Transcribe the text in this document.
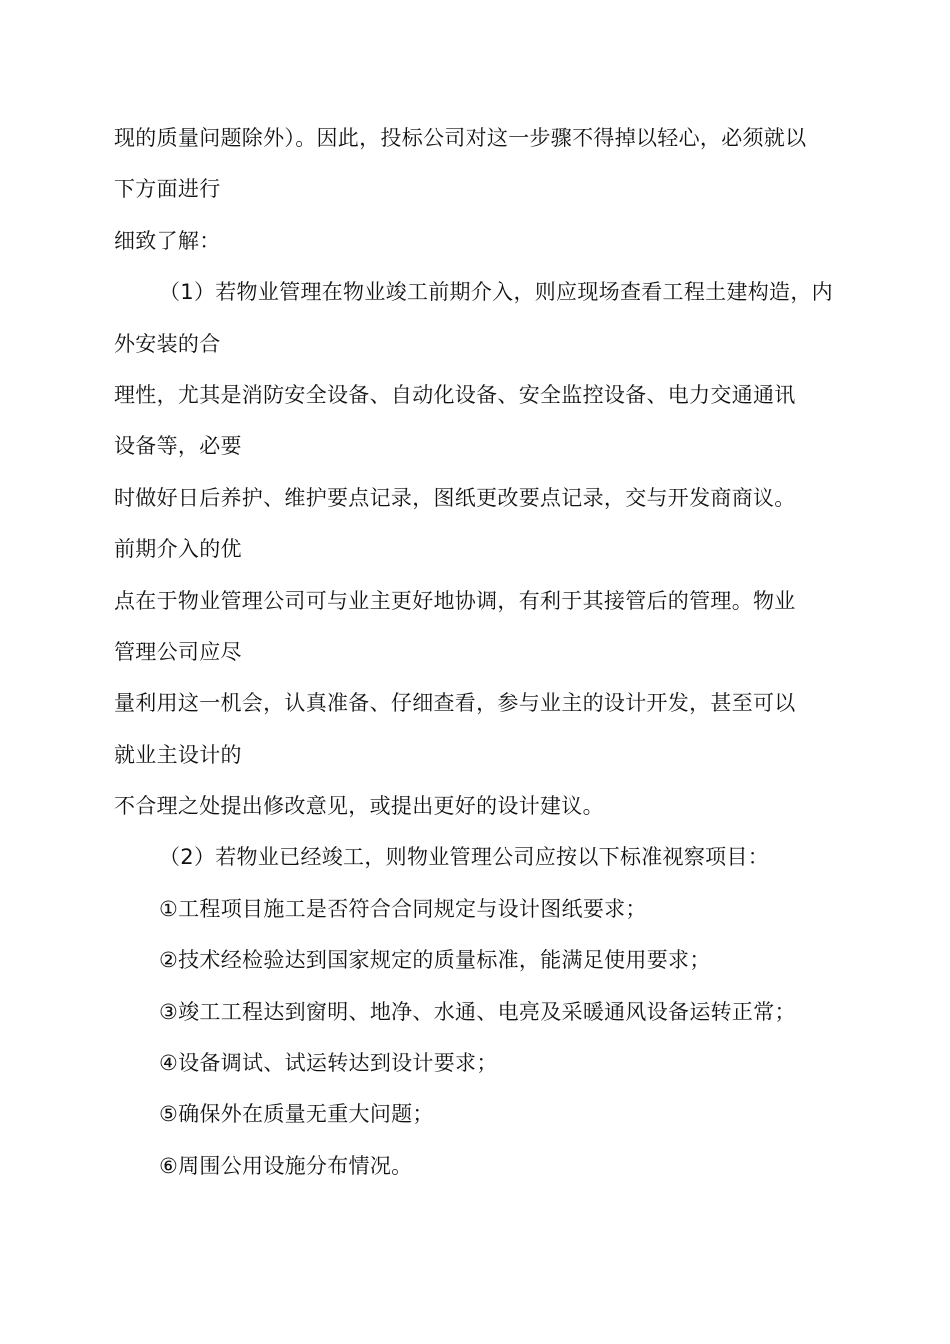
现的质量问题除外）。因此，投标公司对这一步骤不得掉以轻心，必须就以
下方面进行
细致了解：
（1）若物业管理在物业竣工前期介入，则应现场查看工程土建构造，内
外安装的合
理性，尤其是消防安全设备、自动化设备、安全监控设备、电力交通通讯
设备等，必要
时做好日后养护、维护要点记录，图纸更改要点记录，交与开发商商议。
前期介入的优
点在于物业管理公司可与业主更好地协调，有利于其接管后的管理。物业
管理公司应尽
量利用这一机会，认真准备、仔细查看，参与业主的设计开发，甚至可以
就业主设计的
不合理之处提出修改意见，或提出更好的设计建议。
（2）若物业已经竣工，则物业管理公司应按以下标准视察项目：
①工程项目施工是否符合合同规定与设计图纸要求；
②技术经检验达到国家规定的质量标准，能满足使用要求；
③竣工工程达到窗明、地净、水通、电亮及采暖通风设备运转正常；
④设备调试、试运转达到设计要求；
⑤确保外在质量无重大问题；
⑥周围公用设施分布情况。
